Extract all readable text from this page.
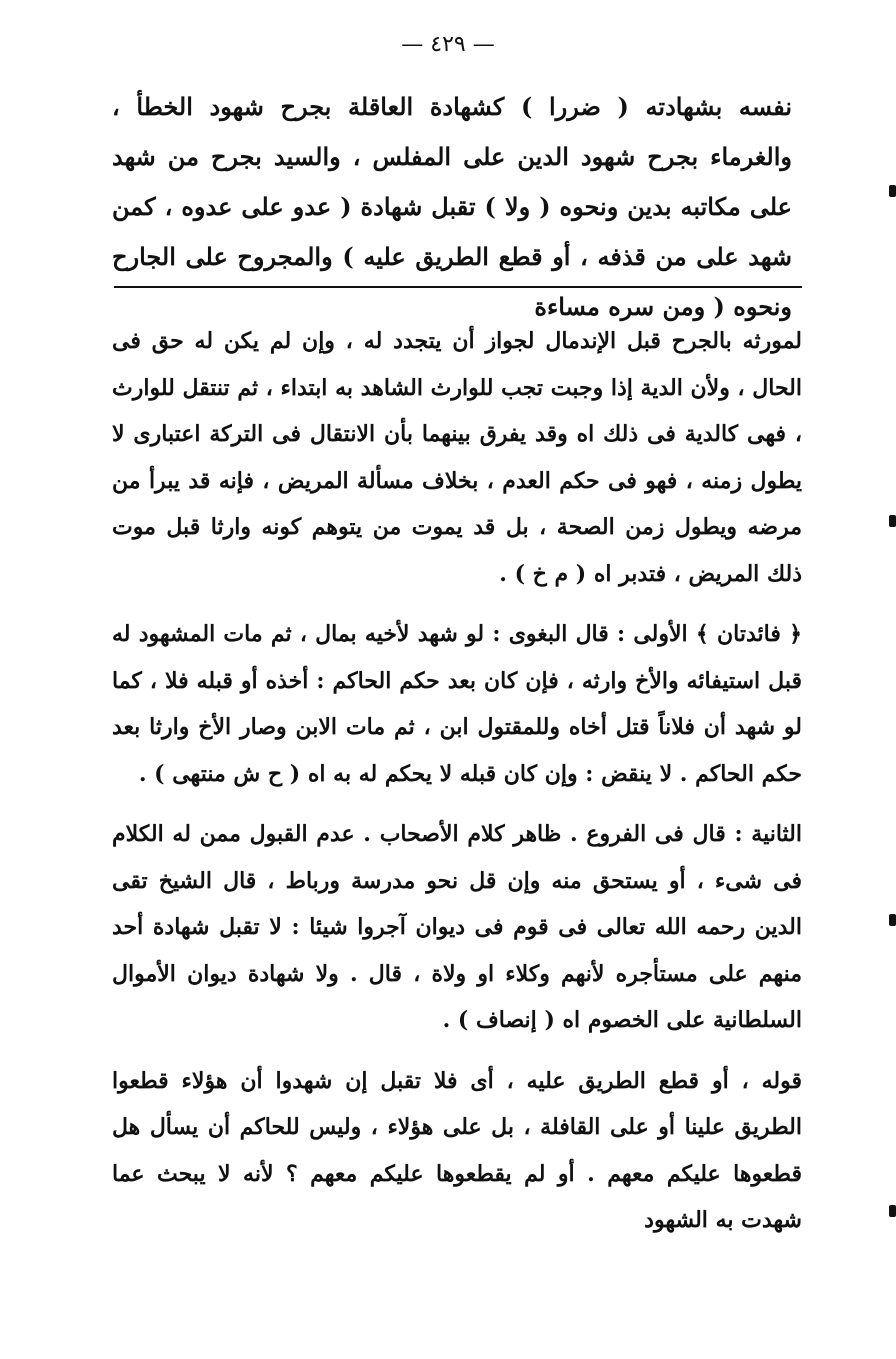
— ٤٢٩ —
نفسه بشهادته ( ضررا ) كشهادة العاقلة بجرح شهود الخطأ ، والغرماء بجرح شهود الدين على المفلس ، والسيد بجرح من شهد على مكاتبه بدين ونحوه ( ولا ) تقبل شهادة ( عدو على عدوه ، كمن شهد على من قذفه ، أو قطع الطريق عليه ) والمجروح على الجارح ونحوه ( ومن سره مساءة

لمورثه بالجرح قبل الإندمال لجواز أن يتجدد له ، وإن لم يكن له حق فى الحال ، ولأن الدية إذا وجبت تجب للوارث الشاهد به ابتداء ، ثم تنتقل للوارث ، فهى كالدية فى ذلك اه وقد يفرق بينهما بأن الانتقال فى التركة اعتبارى لا يطول زمنه ، فهو فى حكم العدم ، بخلاف مسألة المريض ، فإنه قد يبرأ من مرضه ويطول زمن الصحة ، بل قد يموت من يتوهم كونه وارثا قبل موت ذلك المريض ، فتدبر اه ( م خ ) .

﴿ فائدتان ﴾ الأولى : قال البغوى : لو شهد لأخيه بمال ، ثم مات المشهود له قبل استيفائه والأخ وارثه ، فإن كان بعد حكم الحاكم : أخذه أو قبله فلا ، كما لو شهد أن فلاناً قتل أخاه وللمقتول ابن ، ثم مات الابن وصار الأخ وارثا بعد حكم الحاكم . لا ينقض : وإن كان قبله لا يحكم له به اه ( ح ش منتهى ) .

الثانية : قال فى الفروع . ظاهر كلام الأصحاب . عدم القبول ممن له الكلام فى شىء ، أو يستحق منه وإن قل نحو مدرسة ورباط ، قال الشيخ تقى الدين رحمه الله تعالى فى قوم فى ديوان آجروا شيئا : لا تقبل شهادة أحد منهم على مستأجره لأنهم وكلاء او ولاة ، قال . ولا شهادة ديوان الأموال السلطانية على الخصوم اه ( إنصاف ) .

قوله ، أو قطع الطريق عليه ، أى فلا تقبل إن شهدوا أن هؤلاء قطعوا الطريق علينا أو على القافلة ، بل على هؤلاء ، وليس للحاكم أن يسأل هل قطعوها عليكم معهم . أو لم يقطعوها عليكم معهم ؟ لأنه لا يبحث عما شهدت به الشهود
